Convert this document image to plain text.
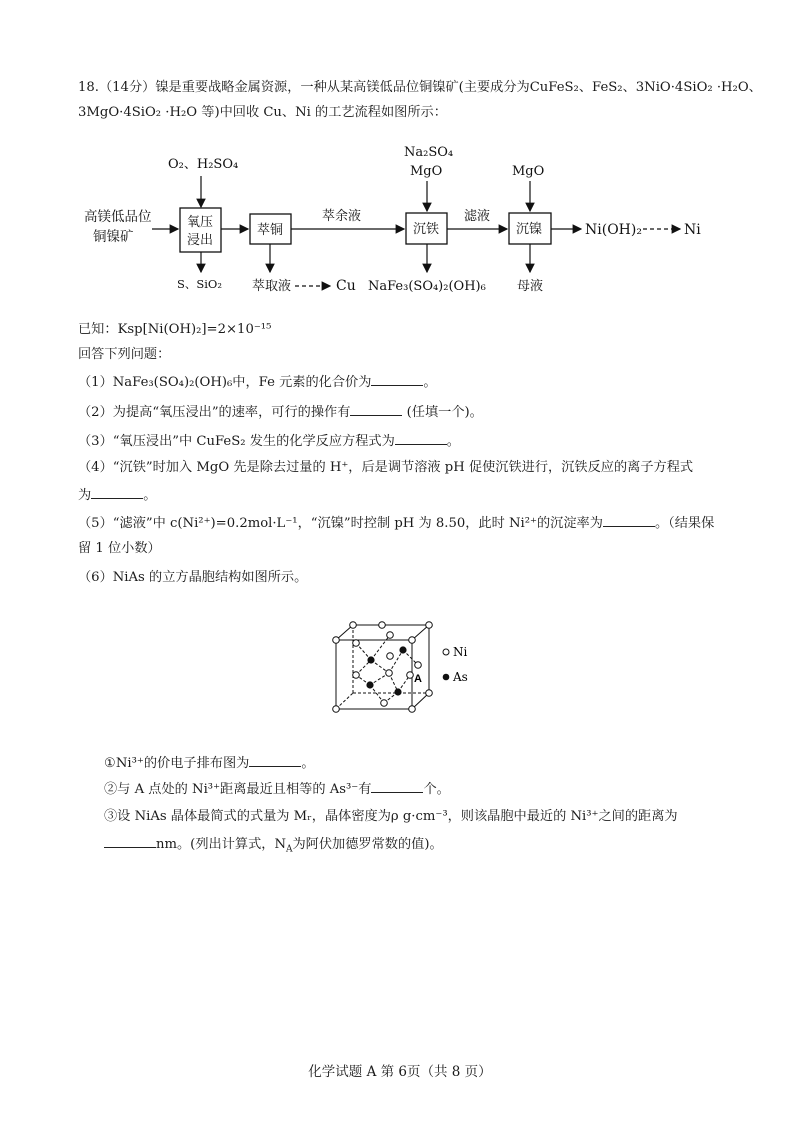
18.（14分）镍是重要战略金属资源，一种从某高镁低品位铜镍矿(主要成分为CuFeS₂、FeS₂、3NiO·4SiO₂ ·H₂O、
3MgO·4SiO₂ ·H₂O 等)中回收 Cu、Ni 的工艺流程如图所示：
高镁低品位
铜镍矿
O₂、H₂SO₄
氧压
浸出
S、SiO₂
萃铜
萃取液	Cu
萃余液
Na₂SO₄
MgO
沉铁
NaFe₃(SO₄)₂(OH)₆
滤液
MgO
沉镍
母液
Ni(OH)₂	Ni
已知：Ksp[Ni(OH)₂]=2×10⁻¹⁵
回答下列问题：
（1）NaFe₃(SO₄)₂(OH)₆中，Fe 元素的化合价为	。
（2）为提高“氧压浸出”的速率，可行的操作有	(任填一个)。
（3）“氧压浸出”中 CuFeS₂ 发生的化学反应方程式为	。
（4）“沉铁”时加入 MgO 先是除去过量的 H⁺，后是调节溶液 pH 促使沉铁进行，沉铁反应的离子方程式
为	。
（5）“滤液”中 c(Ni²⁺)=0.2mol·L⁻¹，“沉镍”时控制 pH 为 8.50，此时 Ni²⁺的沉淀率为	。（结果保
留 1 位小数）
（6）NiAs 的立方晶胞结构如图所示。
A
Ni
As
①Ni³⁺的价电子排布图为	。
②与 A 点处的 Ni³⁺距离最近且相等的 As³⁻有	个。
③设 NiAs 晶体最简式的式量为 Mᵣ，晶体密度为ρ g·cm⁻³，则该晶胞中最近的 Ni³⁺之间的距离为
nm。(列出计算式，$N_A$为阿伏加德罗常数的值)。
化学试题 A 第 6页（共 8 页）
